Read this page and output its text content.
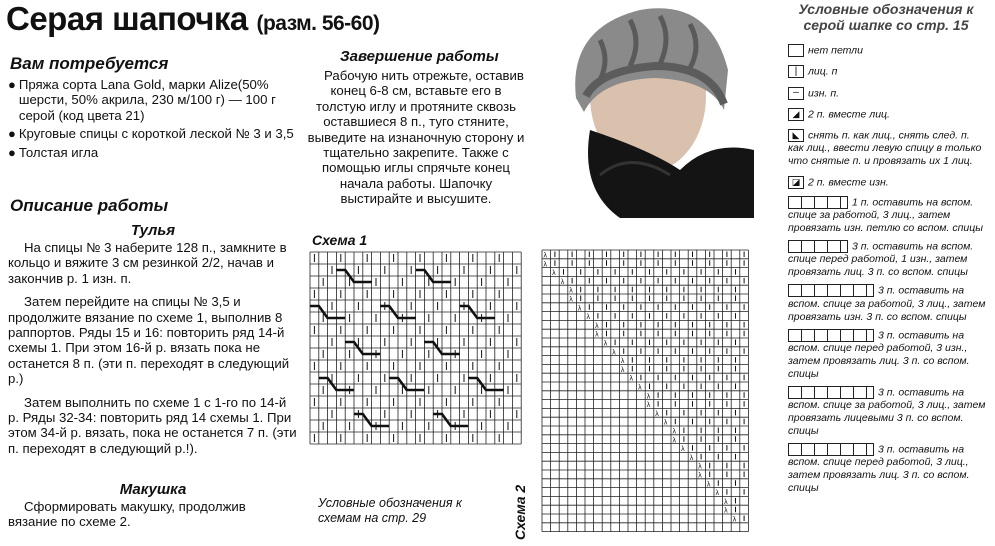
Серая шапочка (разм. 56-60)
Вам потребуется
● Пряжа сорта Lana Gold, марки Alize(50% шерсти, 50% акрила, 230 м/100 г) — 100 г серой (код цвета 21)
● Круговые спицы с короткой леской № 3 и 3,5
● Толстая игла
Описание работы
Тулья
На спицы № 3 наберите 128 п., замкните в кольцо и вяжите 3 см резинкой 2/2, начав и закончив р. 1 изн. п.
Затем перейдите на спицы № 3,5 и продолжите вязание по схеме 1, выполнив 8 раппортов. Ряды 15 и 16: повторить ряд 14-й схемы 1. При этом 16-й р. вязать пока не останется 8 п. (эти п. переходят в следующий р.)
Затем выполнить по схеме 1 с 1-го по 14-й р. Ряды 32-34: повторить ряд 14 схемы 1. При этом 34-й р. вязать, пока не останется 7 п. (эти п. переходят в следующий р.!).
Макушка
Сформировать макушку, продолжив вязание по схеме 2.
Завершение работы
Рабочую нить отрежьте, оставив конец 6-8 см, вставьте его в толстую иглу и протяните сквозь оставшиеся 8 п., туго стяните, выведите на изнаночную сторону и тщательно закрепите. Также с помощью иглы спрячьте конец начала работы. Шапочку выстирайте и высушите.
Схема 1
λ
λ
λ
λ
λ
λ
λ
λ
λ
λ
λ
λ
λ
λ
λ
λ
λ
λ
λ
λ
λ
λ
λ
λ
λ
λ
λ
λ
λ
λ
λ
Схема 2
Условные обозначения к схемам на стр. 29
Условные обозначения к серой шапке со стр. 15
нет петли
| лиц. п
– изн. п.
◢ 2 п. вместе лиц.
◣ снять п. как лиц., снять след. п. как лиц., ввести левую спицу в только что снятые п. и провязать их 1 лиц.
◪ 2 п. вместе изн.
1 п. оставить на вспом. спице за работой, 3 лиц., затем провязать изн. петлю со вспом. спицы
3 п. оставить на вспом. спице перед работой, 1 изн., затем провязать лиц. 3 п. со вспом. спицы
3 п. оставить на вспом. спице за работой, 3 лиц., затем провязать изн. 3 п. со вспом. спицы
3 п. оставить на вспом. спице перед работой, 3 изн., затем провязать лиц. 3 п. со вспом. спицы
3 п. оставить на вспом. спице за работой, 3 лиц., затем провязать лицевыми 3 п. со вспом. спицы
3 п. оставить на вспом. спице перед работой, 3 лиц., затем провязать лиц. 3 п. со вспом. спицы
